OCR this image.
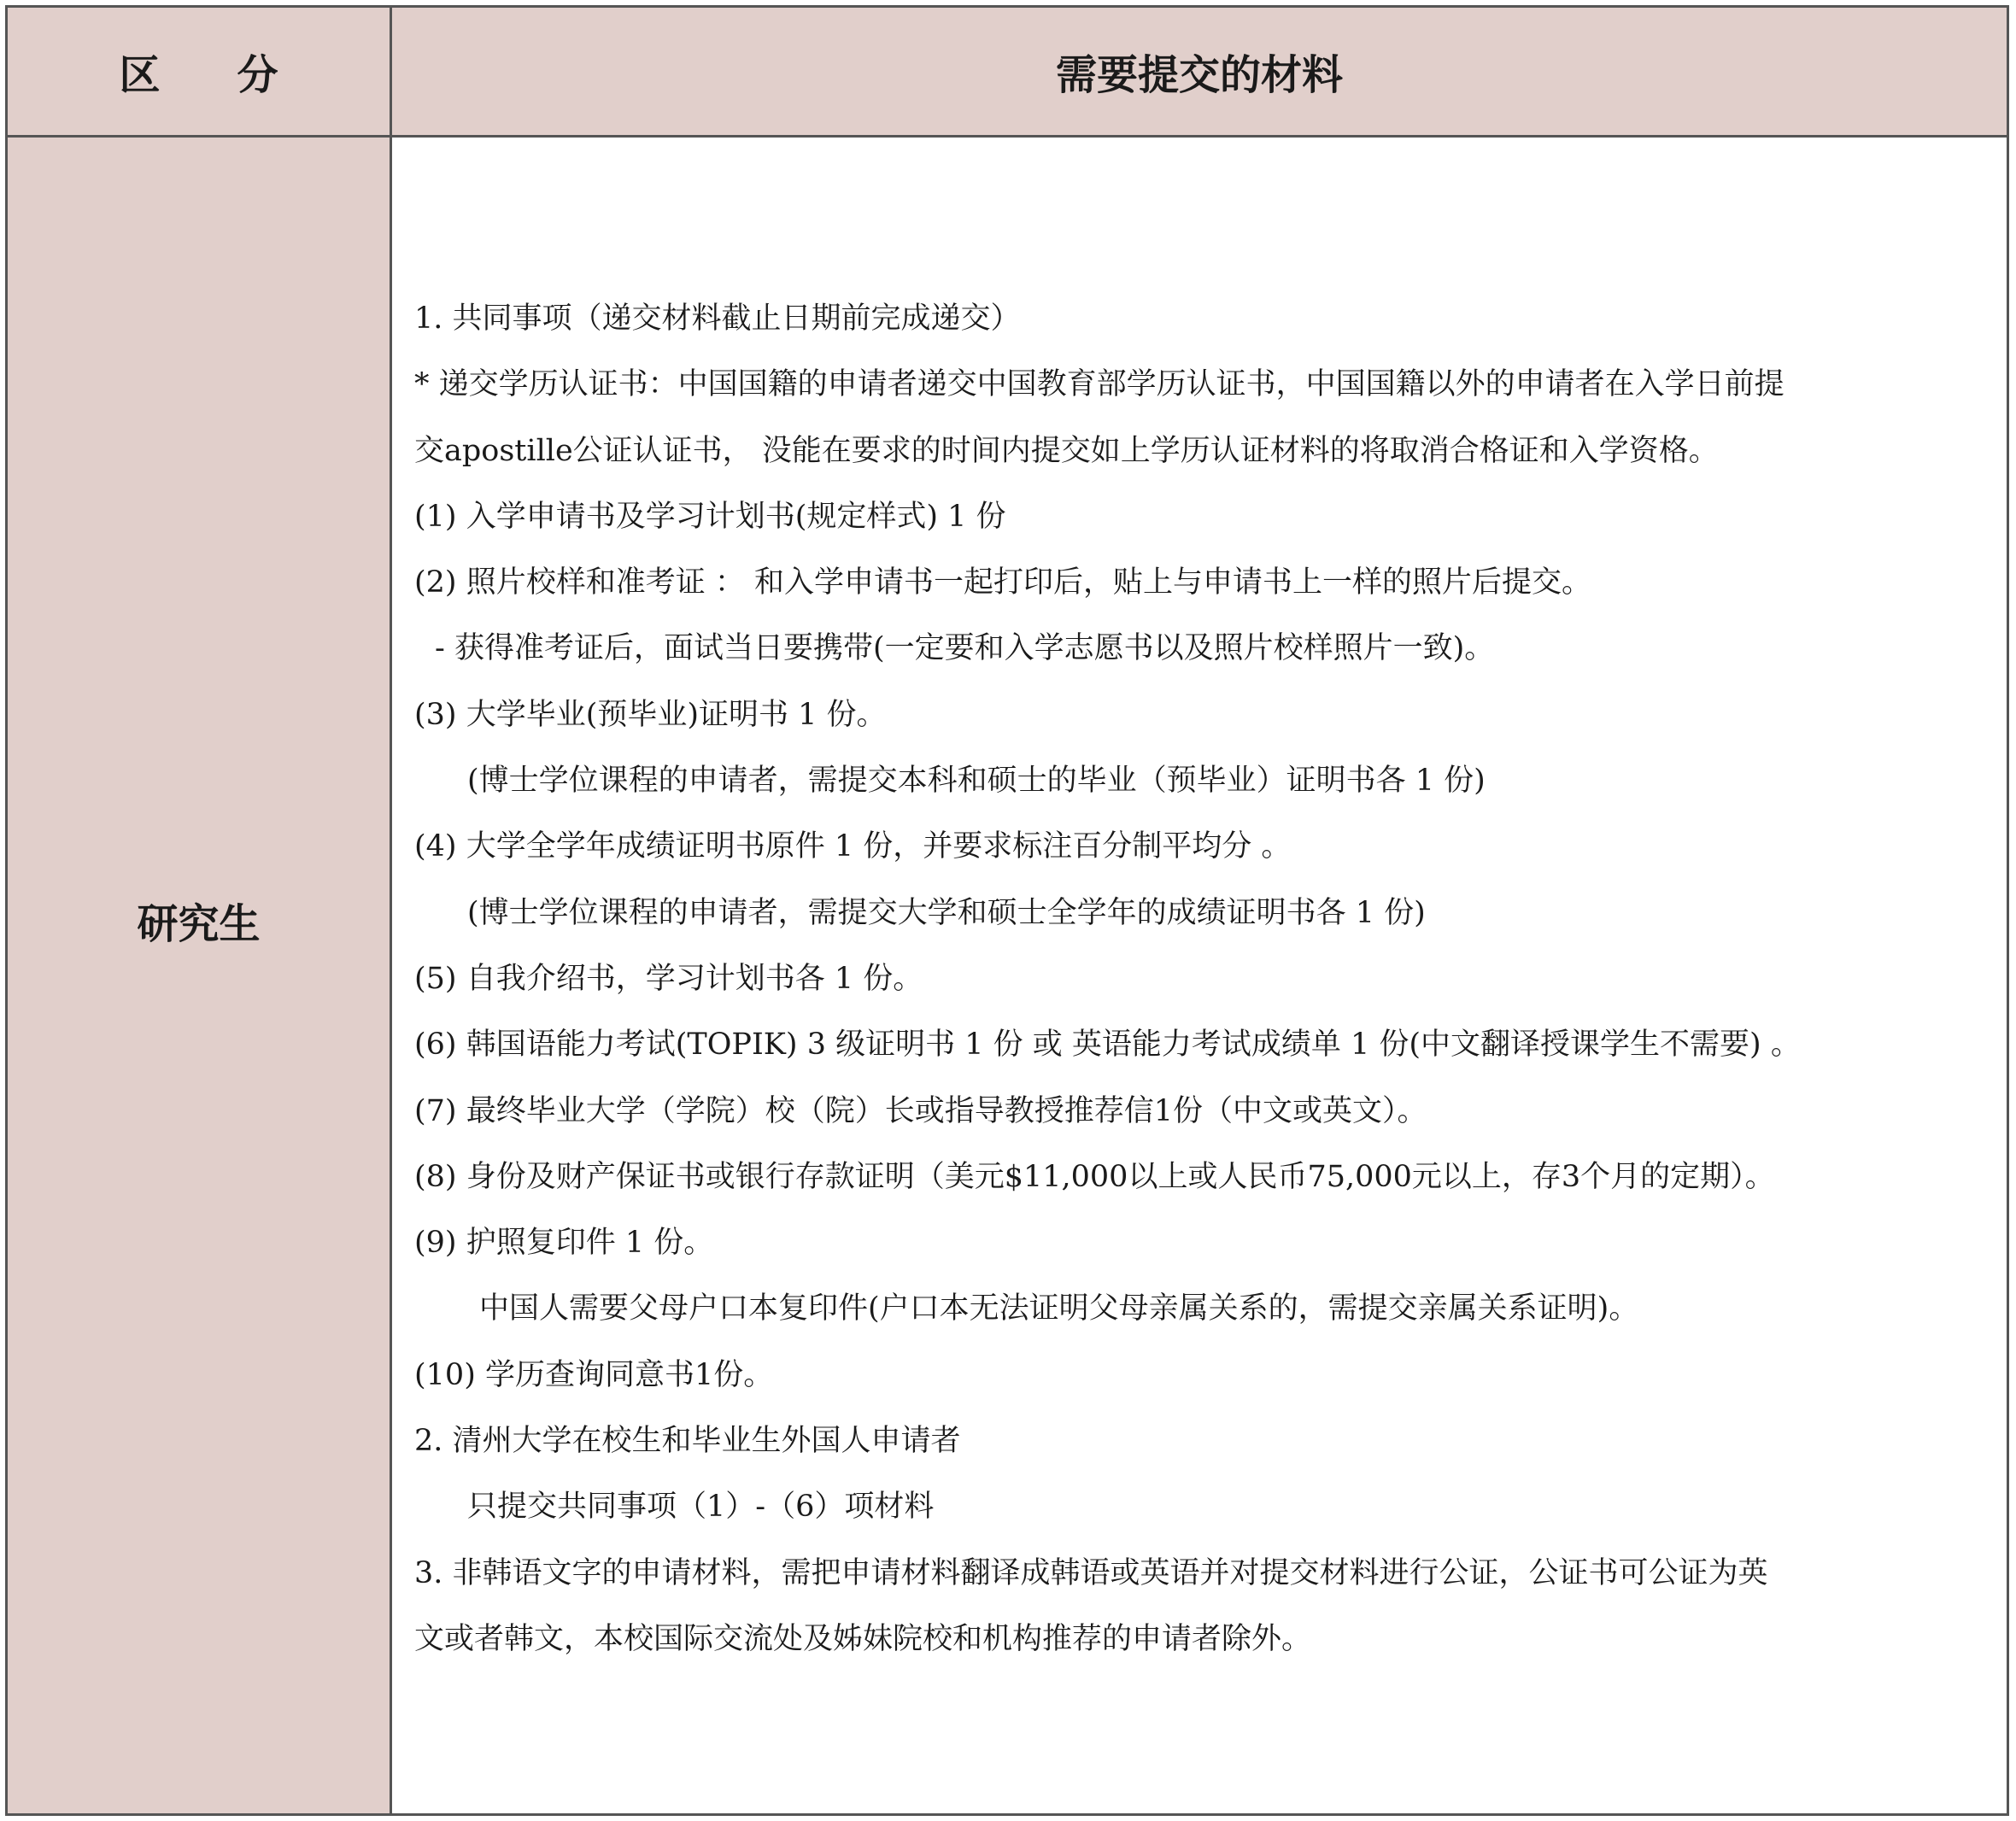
区 分	需要提交的材料
研究生
1. 共同事项（递交材料截止日期前完成递交）
* 递交学历认证书：中国国籍的申请者递交中国教育部学历认证书，中国国籍以外的申请者在入学日前提
交apostille公证认证书， 没能在要求的时间内提交如上学历认证材料的将取消合格证和入学资格。
(1) 入学申请书及学习计划书(规定样式) 1 份
(2) 照片校样和准考证 ： 和入学申请书一起打印后，贴上与申请书上一样的照片后提交。
- 获得准考证后，面试当日要携带(一定要和入学志愿书以及照片校样照片一致)。
(3) 大学毕业(预毕业)证明书 1 份。
(博士学位课程的申请者，需提交本科和硕士的毕业（预毕业）证明书各 1 份)
(4) 大学全学年成绩证明书原件 1 份，并要求标注百分制平均分 。
(博士学位课程的申请者，需提交大学和硕士全学年的成绩证明书各 1 份)
(5) 自我介绍书，学习计划书各 1 份。
(6) 韩国语能力考试(TOPIK) 3 级证明书 1 份 或 英语能力考试成绩单 1 份(中文翻译授课学生不需要) 。
(7) 最终毕业大学（学院）校（院）长或指导教授推荐信1份（中文或英文）。
(8) 身份及财产保证书或银行存款证明（美元$11,000以上或人民币75,000元以上，存3个月的定期）。
(9) 护照复印件 1 份。
中国人需要父母户口本复印件(户口本无法证明父母亲属关系的，需提交亲属关系证明)。
(10) 学历查询同意书1份。
2. 清州大学在校生和毕业生外国人申请者
只提交共同事项（1）-（6）项材料
3. 非韩语文字的申请材料，需把申请材料翻译成韩语或英语并对提交材料进行公证，公证书可公证为英
文或者韩文，本校国际交流处及姊妹院校和机构推荐的申请者除外。
